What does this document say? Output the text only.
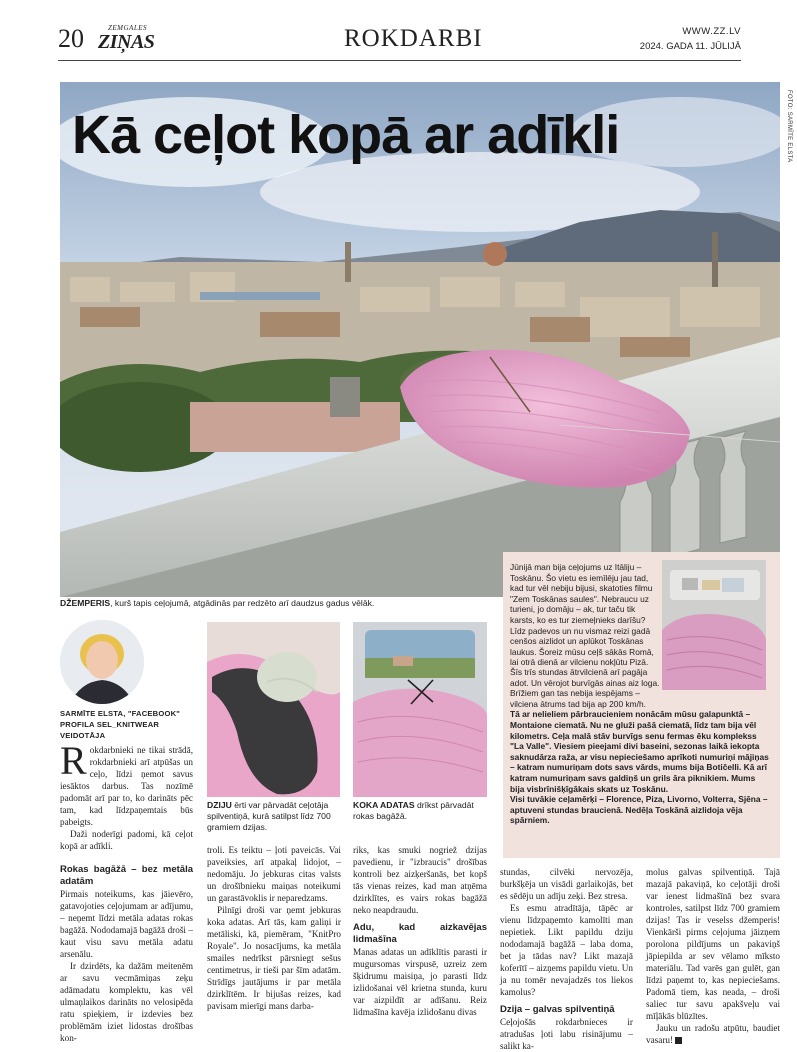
20	ZEMGALES
ZIŅAS	ROKDARBI	WWW.ZZ.LV
2024. GADA 11. JŪLIJĀ
Kā ceļot kopā ar adīkli	FOTO: SARMĪTE ELSTA
DŽEMPERIS, kurš tapis ceļojumā, atgādinās par redzēto arī daudzus gadus vēlāk.
Jūnijā man bija ceļojums uz Itāliju – Toskānu. Šo vietu es iemīlēju jau tad, kad tur vēl nebiju bijusi, skatoties filmu "Zem Toskānas saules". Nebraucu uz turieni, jo domāju – ak, tur taču tik karsts, ko es tur ziemeļnieks darīšu? Līdz padevos un nu vismaz reizi gadā cenšos aizlidot un aplūkot Toskānas laukus. Šoreiz mūsu ceļš sākās Romā, lai otrā dienā ar vilcienu nokļūtu Pizā.
Šīs trīs stundas ātrvilcienā arī pagāja adot. Un vērojot burvīgās ainas aiz loga. Brīžiem gan tas nebija iespējams – vilciena ātrums tad bija ap 200 km/h.
Tā ar nelieliem pārbraucieniem nonācām mūsu galapunktā – Montaione ciematā. Nu ne gluži pašā ciematā, līdz tam bija vēl kilometrs. Ceļa malā stāv burvīgs senu fermas ēku komplekss "La Valle". Viesiem pieejami divi baseini, sezonas laikā iekopta saknudārza raža, ar visu nepieciešamo aprīkoti numuriņi mājiņas – katram numuriņam dots savs vārds, mums bija Botičelli. Kā arī katram numuriņam savs galdiņš un grils āra piknikiem. Mums bija visbrīnišķīgākais skats uz Toskānu.
Visi tuvākie ceļamērķi – Florence, Piza, Livorno, Volterra, Sjēna – aptuveni stundas braucienā. Nedēļa Toskānā aizlidoja vēja spārniem.
SARMĪTE ELSTA, "FACEBOOK" PROFILA SEL_KNITWEAR VEIDOTĀJA
DZIJU ērti var pārvadāt ceļotāja spilventiņā, kurā satilpst līdz 700 gramiem dzijas.
KOKA ADATAS drīkst pārvadāt rokas bagāžā.

Rokdarbnieki ne tikai strādā, rokdarbnieki arī atpūšas un ceļo, līdzi ņemot savus iesāktos darbus. Tas nozīmē padomāt arī par to, ko darināts pēc tam, kad līdzpaņemtais būs pabeigts.

Daži noderīgi padomi, kā ceļot kopā ar adīkli.

Rokas bagāžā – bez metāla adatām

Pirmais noteikums, kas jāievēro, gatavojoties ceļojumam ar adījumu, – neņemt līdzi metāla adatas rokas bagāžā. Nododamajā bagāžā droši – kaut visu savu metāla adatu arsenālu.

Ir dzirdēts, ka dažām meitenēm ar savu vecmāmiņas zeķu adāmadatu komplektu, kas vēl ulmaņlaikos darināts no velosipēda ratu spieķiem, ir izdevies bez problēmām iziet lidostas drošības kon-

troli. Es teiktu – ļoti paveicās. Vai paveiksies, arī atpakaļ lidojot, – nedomāju. Jo jebkuras citas valsts un drošībnieku maiņas noteikumi un garastāvoklis ir neparedzams.

Pilnīgi droši var ņemt jebkuras koka adatas. Arī tās, kam galiņi ir metāliski, kā, piemēram, "KnitPro Royale". Jo nosacījums, ka metāla smailes nedrīkst pārsniegt sešus centimetrus, ir tieši par šīm adatām. Strīdīgs jautājums ir par metāla dzirklītēm. Ir bijušas reizes, kad pavisam mierīgi mans darba-

riks, kas smuki nogriež dzijas pavedienu, ir "izbraucis" drošības kontroli bez aizķeršanās, bet kopš tās vienas reizes, kad man atņēma dzirklītes, es vairs rokas bagāžā neko neapdraudu.

Adu, kad aizkavējas lidmašīna

Manas adatas un adīklītis parasti ir mugursomas virspusē, uzreiz zem šķidrumu maisiņa, jo parasti līdz izlidošanai vēl krietna stunda, kuru var aizpildīt ar adīšanu. Reiz lidmašīna kavēja izlidošanu divas

stundas, cilvēki nervozēja, burkšķēja un visādi garlaikojās, bet es sēdēju un adīju zeķi. Bez stresa.

Es esmu atradītāja, tāpēc ar vienu līdzpaņemto kamolīti man nepietiek. Likt papildu dziju nododamajā bagāžā – laba doma, bet ja tādas nav? Likt mazajā koferītī – aizņems papildu vietu. Un ja nu tomēr nevajadzēs tos liekos kamolus?

Dzija – galvas spilventiņā

Ceļojošās rokdarbnieces ir atradušas ļoti labu risinājumu – salikt ka-

molus galvas spilventiņā. Tajā mazajā pakaviņā, ko ceļotāji droši var ienest lidmašīnā bez svara kontroles, satilpst līdz 700 gramiem dzijas! Tas ir veselss džemperis! Vienkārši pirms ceļojuma jāizņem porolona pildījums un pakaviņš jāpiepilda ar sev vēlamo mīksto materiālu. Tad varēs gan gulēt, gan līdzi paņemt to, kas nepieciešams. Padomā tiem, kas neada, – droši saliec tur savu apakšveļu vai mīļākās blūzītes.

Jauku un radošu atpūtu, baudiet vasaru!
